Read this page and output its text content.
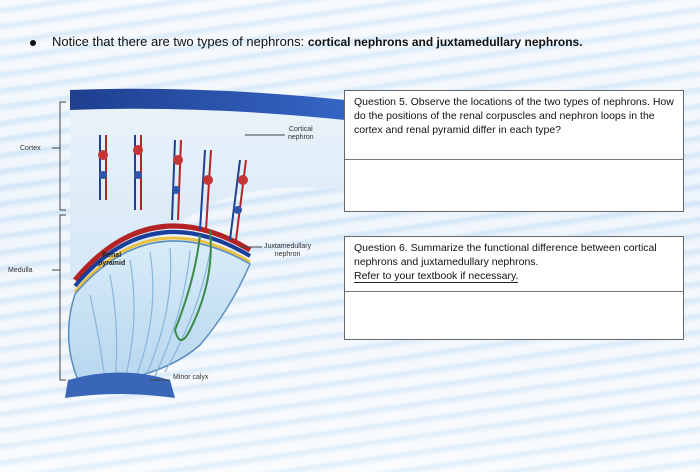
Notice that there are two types of nephrons: cortical nephrons and juxtamedullary nephrons.
Cortex
Medulla
Cortical
nephron
Juxtamedullary
nephron
Renal
pyramid
Minor calyx
Question 5. Observe the locations of the two types of nephrons. How do the positions of the renal corpuscles and nephron loops in the cortex and renal pyramid differ in each type?
Question 6. Summarize the functional difference between cortical nephrons and juxtamedullary nephrons.
Refer to your textbook if necessary.
